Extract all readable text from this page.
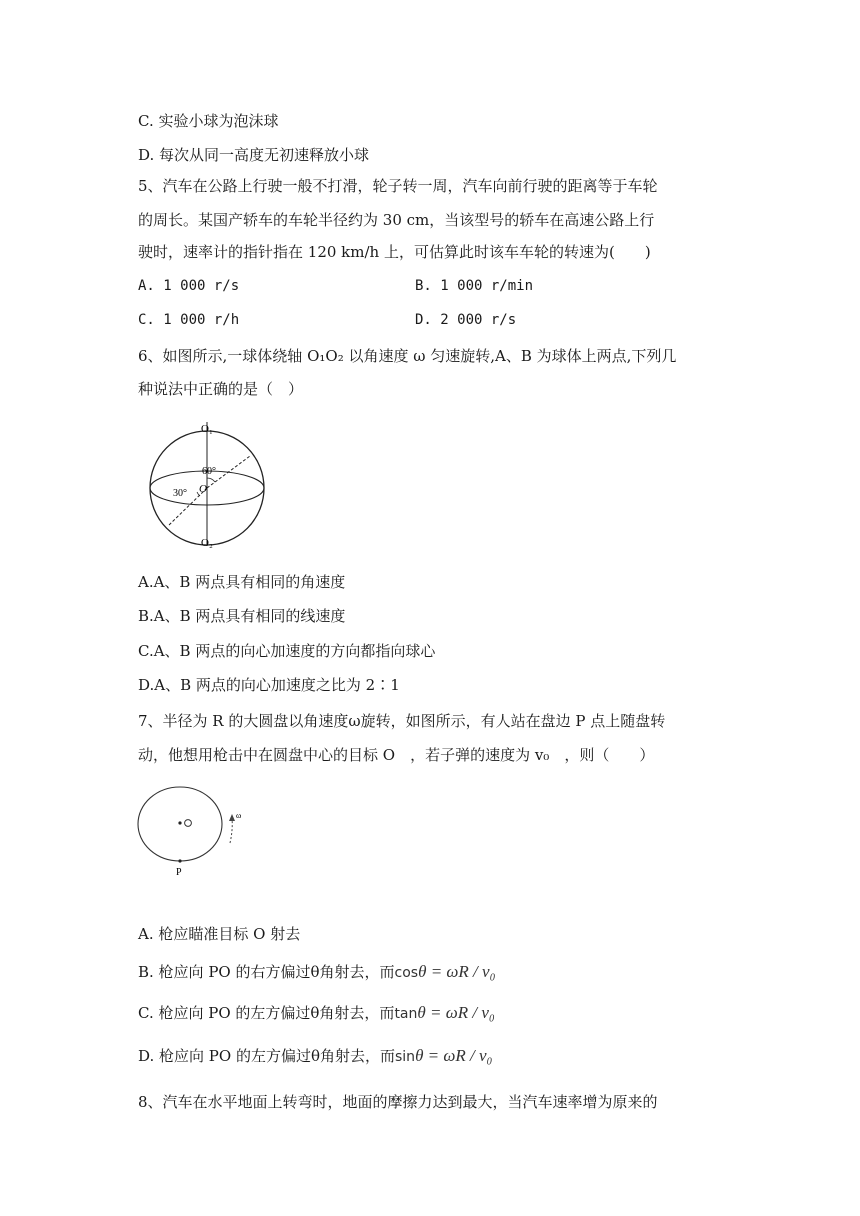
C. 实验小球为泡沫球
D. 每次从同一高度无初速释放小球
5、汽车在公路上行驶一般不打滑，轮子转一周，汽车向前行驶的距离等于车轮
的周长。某国产轿车的车轮半径约为 30 cm，当该型号的轿车在高速公路上行
驶时，速率计的指针指在 120 km/h 上，可估算此时该车车轮的转速为(　　)
A. 1 000 r/s	B. 1 000 r/min
C. 1 000 r/h	D. 2 000 r/s
6、如图所示,一球体绕轴 O₁O₂ 以角速度 ω 匀速旋转,A、B 为球体上两点,下列几
种说法中正确的是（　）
O₁
60°
O
30°
O₂
A.A、B 两点具有相同的角速度
B.A、B 两点具有相同的线速度
C.A、B 两点的向心加速度的方向都指向球心
D.A、B 两点的向心加速度之比为 2∶1
7、半径为 R 的大圆盘以角速度ω旋转，如图所示，有人站在盘边 P 点上随盘转
动，他想用枪击中在圆盘中心的目标 O　，若子弹的速度为 v₀　，则（　　）
P
ω
A. 枪应瞄准目标 O 射去
B. 枪应向 PO 的右方偏过θ角射去，而cosθ = ωR / v₀
C. 枪应向 PO 的左方偏过θ角射去，而tanθ = ωR / v₀
D. 枪应向 PO 的左方偏过θ角射去，而sinθ = ωR / v₀
8、汽车在水平地面上转弯时，地面的摩擦力达到最大，当汽车速率增为原来的
